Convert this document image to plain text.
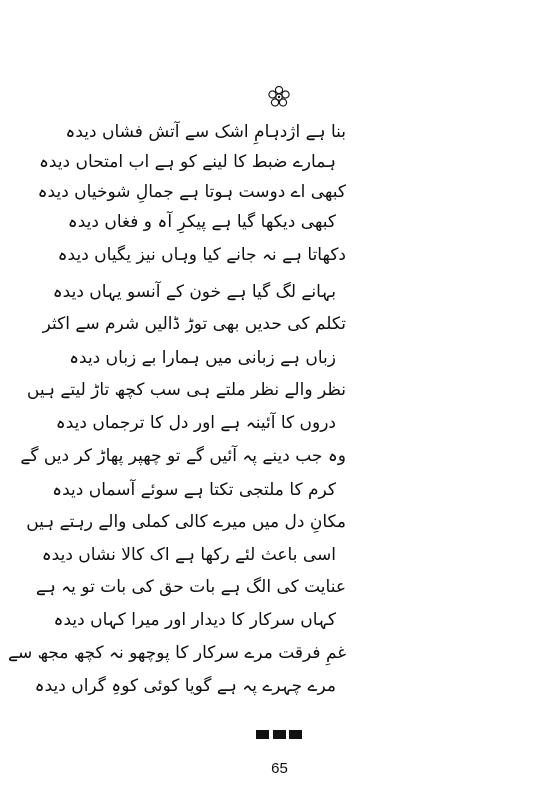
بنا ہے اژدہامِ اشک سے آتش فشاں دیدہ
ہمارے ضبط کا لینے کو ہے اب امتحاں دیدہ
کبھی اے دوست ہوتا ہے جمالِ شوخیاں دیدہ
کبھی دیکھا گیا ہے پیکرِ آہ و فغاں دیدہ
دکھاتا ہے نہ جانے کیا وہاں نیز یگیاں دیدہ
بہانے لگ گیا ہے خون کے آنسو یہاں دیدہ
تکلم کی حدیں بھی توڑ ڈالیں شرم سے اکثر
زباں ہے زبانی میں ہمارا بے زباں دیدہ
نظر والے نظر ملتے ہی سب کچھ تاڑ لیتے ہیں
دروں کا آئینہ ہے اور دل کا ترجماں دیدہ
وہ جب دینے پہ آئیں گے تو چھپر پھاڑ کر دیں گے
کرم کا ملتجی تکتا ہے سوئے آسماں دیدہ
مکانِ دل میں میرے کالی کملی والے رہتے ہیں
اسی باعث لئے رکھا ہے اک کالا نشاں دیدہ
عنایت کی الگ ہے بات حق کی بات تو یہ ہے
کہاں سرکار کا دیدار اور میرا کہاں دیدہ
غمِ فرقت مرے سرکار کا پوچھو نہ کچھ مجھ سے
مرے چہرے پہ ہے گویا کوئی کوہِ گراں دیدہ
65
